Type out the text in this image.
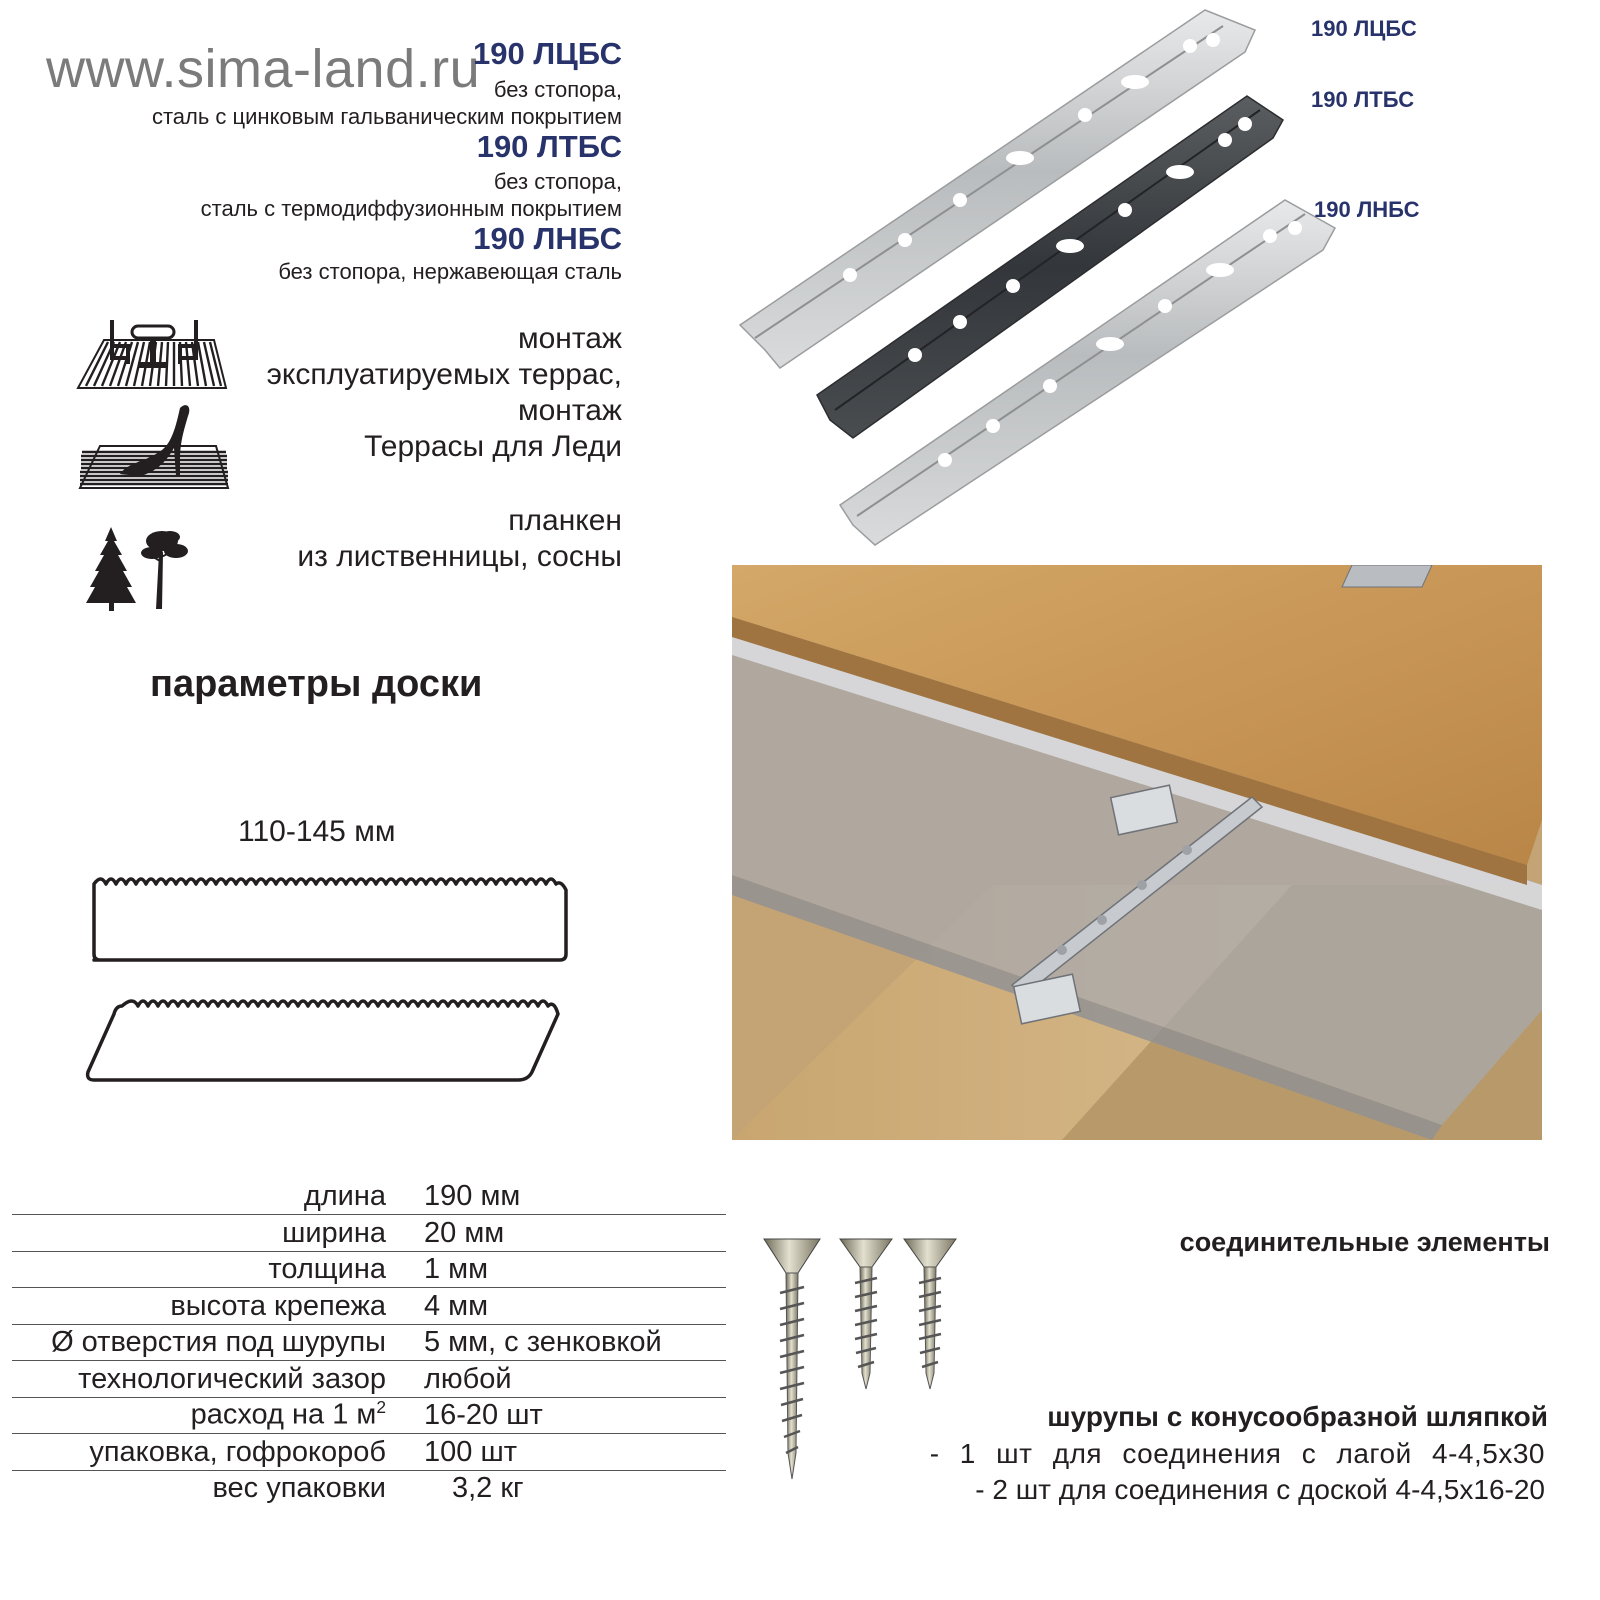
www.sima-land.ru
190 ЛЦБС
без стопора,
сталь с цинковым гальваническим покрытием
190 ЛТБС
без стопора,
сталь с термодиффузионным покрытием
190 ЛНБС
без стопора, нержавеющая сталь
монтаж
эксплуатируемых террас,
монтаж
Террасы для Леди
планкен
из лиственницы, сосны
параметры доски
110-145 мм
длина 190 мм
ширина 20 мм
толщина 1 мм
высота крепежа 4 мм
Ø отверстия под шурупы 5 мм, с зенковкой
технологический зазор любой
расход на 1 $м^2$ 16-20 шт
упаковка, гофрокороб 100 шт
вес упаковки 3,2 кг
190 ЛЦБС
190 ЛТБС
190 ЛНБС
соединительные элементы
шурупы с конусообразной шляпкой
- 1 шт для соединения с лагой 4-4,5х30
- 2 шт для соединения с доской 4-4,5х16-20
